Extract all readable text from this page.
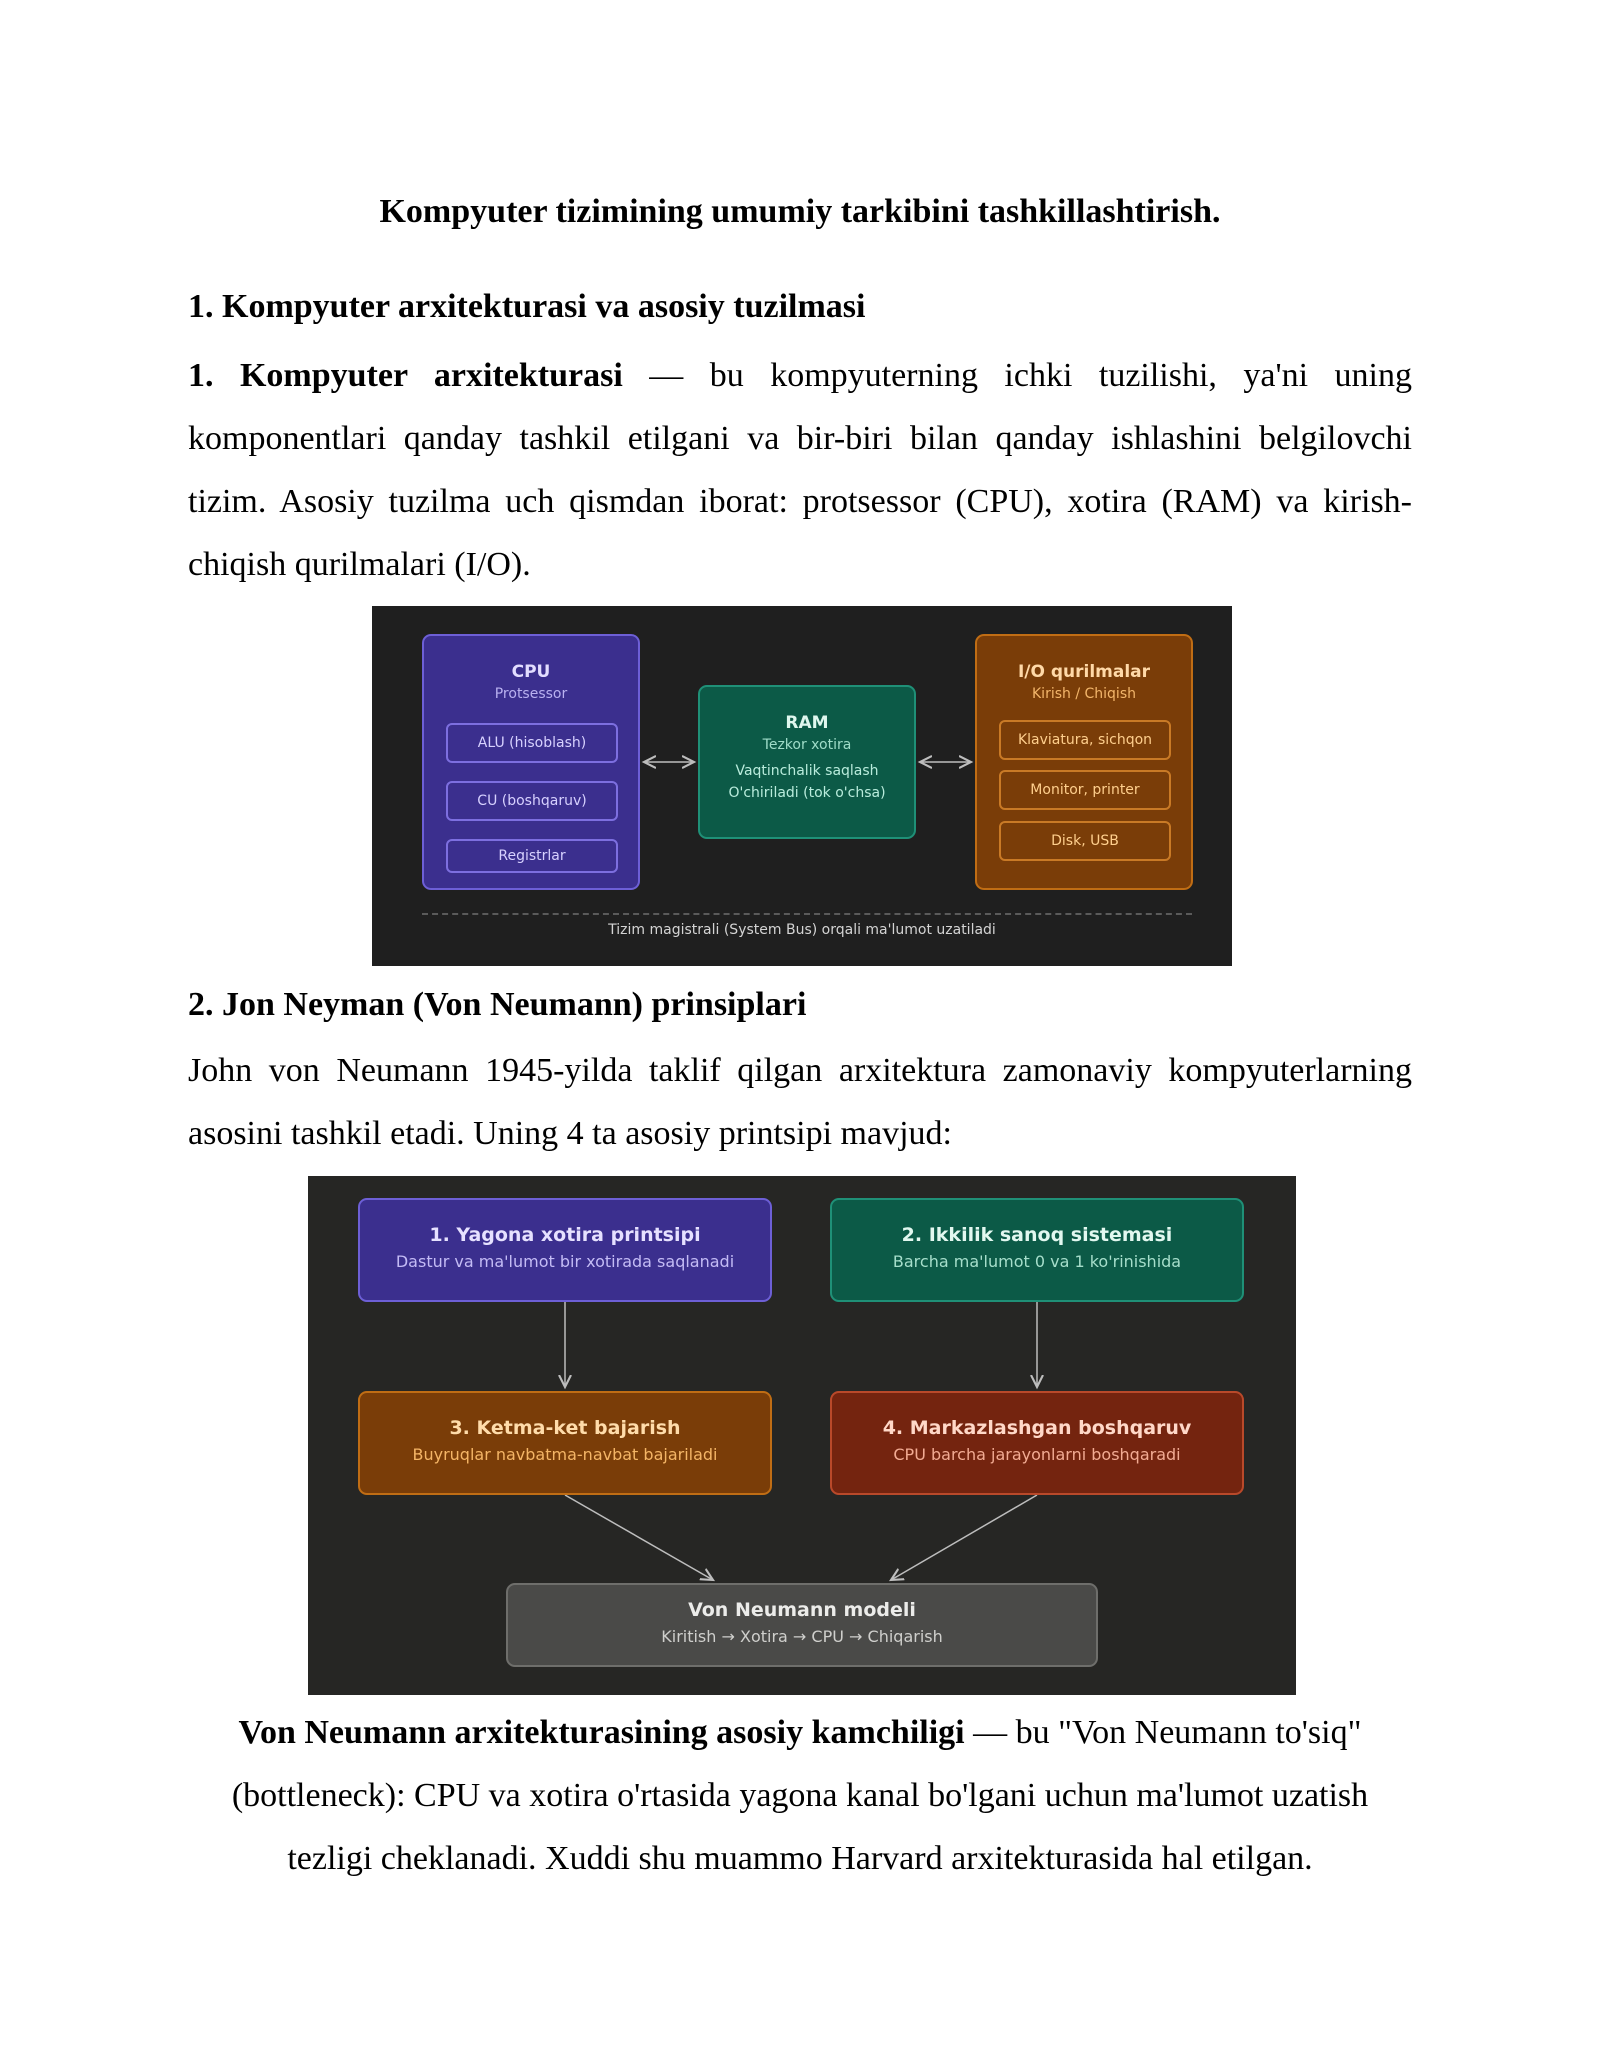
Kompyuter tizimining umumiy tarkibini tashkillashtirish.
1. Kompyuter arxitekturasi va asosiy tuzilmasi

1. Kompyuter arxitekturasi — bu kompyuterning ichki tuzilishi, ya'ni uning komponentlari qanday tashkil etilgani va bir-biri bilan qanday ishlashini belgilovchi tizim. Asosiy tuzilma uch qismdan iborat: protsessor (CPU), xotira (RAM) va kirish-chiqish qurilmalari (I/O).

2. Jon Neyman (Von Neumann) prinsiplari

John von Neumann 1945-yilda taklif qilgan arxitektura zamonaviy kompyuterlarning asosini tashkil etadi. Uning 4 ta asosiy printsipi mavjud:

Von Neumann arxitekturasining asosiy kamchiligi — bu "Von Neumann to'siq" (bottleneck): CPU va xotira o'rtasida yagona kanal bo'lgani uchun ma'lumot uzatish tezligi cheklanadi. Xuddi shu muammo Harvard arxitekturasida hal etilgan.

CPU
Protsessor
ALU (hisoblash)
CU (boshqaruv)
Registrlar
RAM
Tezkor xotira
Vaqtinchalik saqlash
O'chiriladi (tok o'chsa)
I/O qurilmalar
Kirish / Chiqish
Klaviatura, sichqon
Monitor, printer
Disk, USB
Tizim magistrali (System Bus) orqali ma'lumot uzatiladi
1. Yagona xotira printsipi
Dastur va ma'lumot bir xotirada saqlanadi
2. Ikkilik sanoq sistemasi
Barcha ma'lumot 0 va 1 ko'rinishida
3. Ketma-ket bajarish
Buyruqlar navbatma-navbat bajariladi
4. Markazlashgan boshqaruv
CPU barcha jarayonlarni boshqaradi
Von Neumann modeli
Kiritish → Xotira → CPU → Chiqarish
